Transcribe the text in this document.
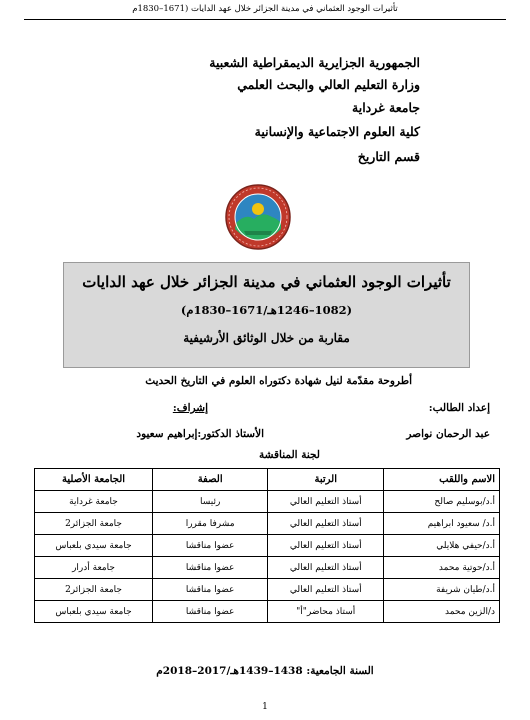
تأثيرات الوجود العثماني في مدينة الجزائر خلال عهد الدايات (1671–1830م
الجمهورية الجزايرية الديمقراطية الشعبية
وزارة التعليم العالي والبحث العلمي
جامعة غرداية
كلية العلوم الاجتماعية والإنسانية
قسم التاريخ
تأثيرات الوجود العثماني في مدينة الجزائر خلال عهد الدايات
(1082–1246هـ/1671–1830م)
مقاربة من خلال الوثائق الأرشيفية
أطروحة مقدّمة لنيل شهادة دكتوراه العلوم في التاريخ الحديث
إعداد الطالب:
إشراف:
عبد الرحمان نواصر
الأستاذ الدكتور:إبراهيم سعيود
لجنة المناقشة
الاسم واللقب	الرتبة	الصفة	الجامعة الأصلية
أ.د/بوسليم صالح	أستاذ التعليم العالي	رئيسا	جامعة غرداية
أ.د/ سعيود ابراهيم	أستاذ التعليم العالي	مشرفا مقررا	جامعة الجزائر2
أ.د/حيفي هلايلي	أستاذ التعليم العالي	عضوا مناقشا	جامعة سيدي بلعباس
أ.د/حوتية محمد	أستاذ التعليم العالي	عضوا مناقشا	جامعة أدرار
أ.د/طيان شريفة	أستاذ التعليم العالي	عضوا مناقشا	جامعة الجزائر2
د/الزين محمد	أستاذ محاضر"أ"	عضوا مناقشا	جامعة سيدي بلعباس
السنة الجامعية: 1438–1439هـ/2017–2018م
1
